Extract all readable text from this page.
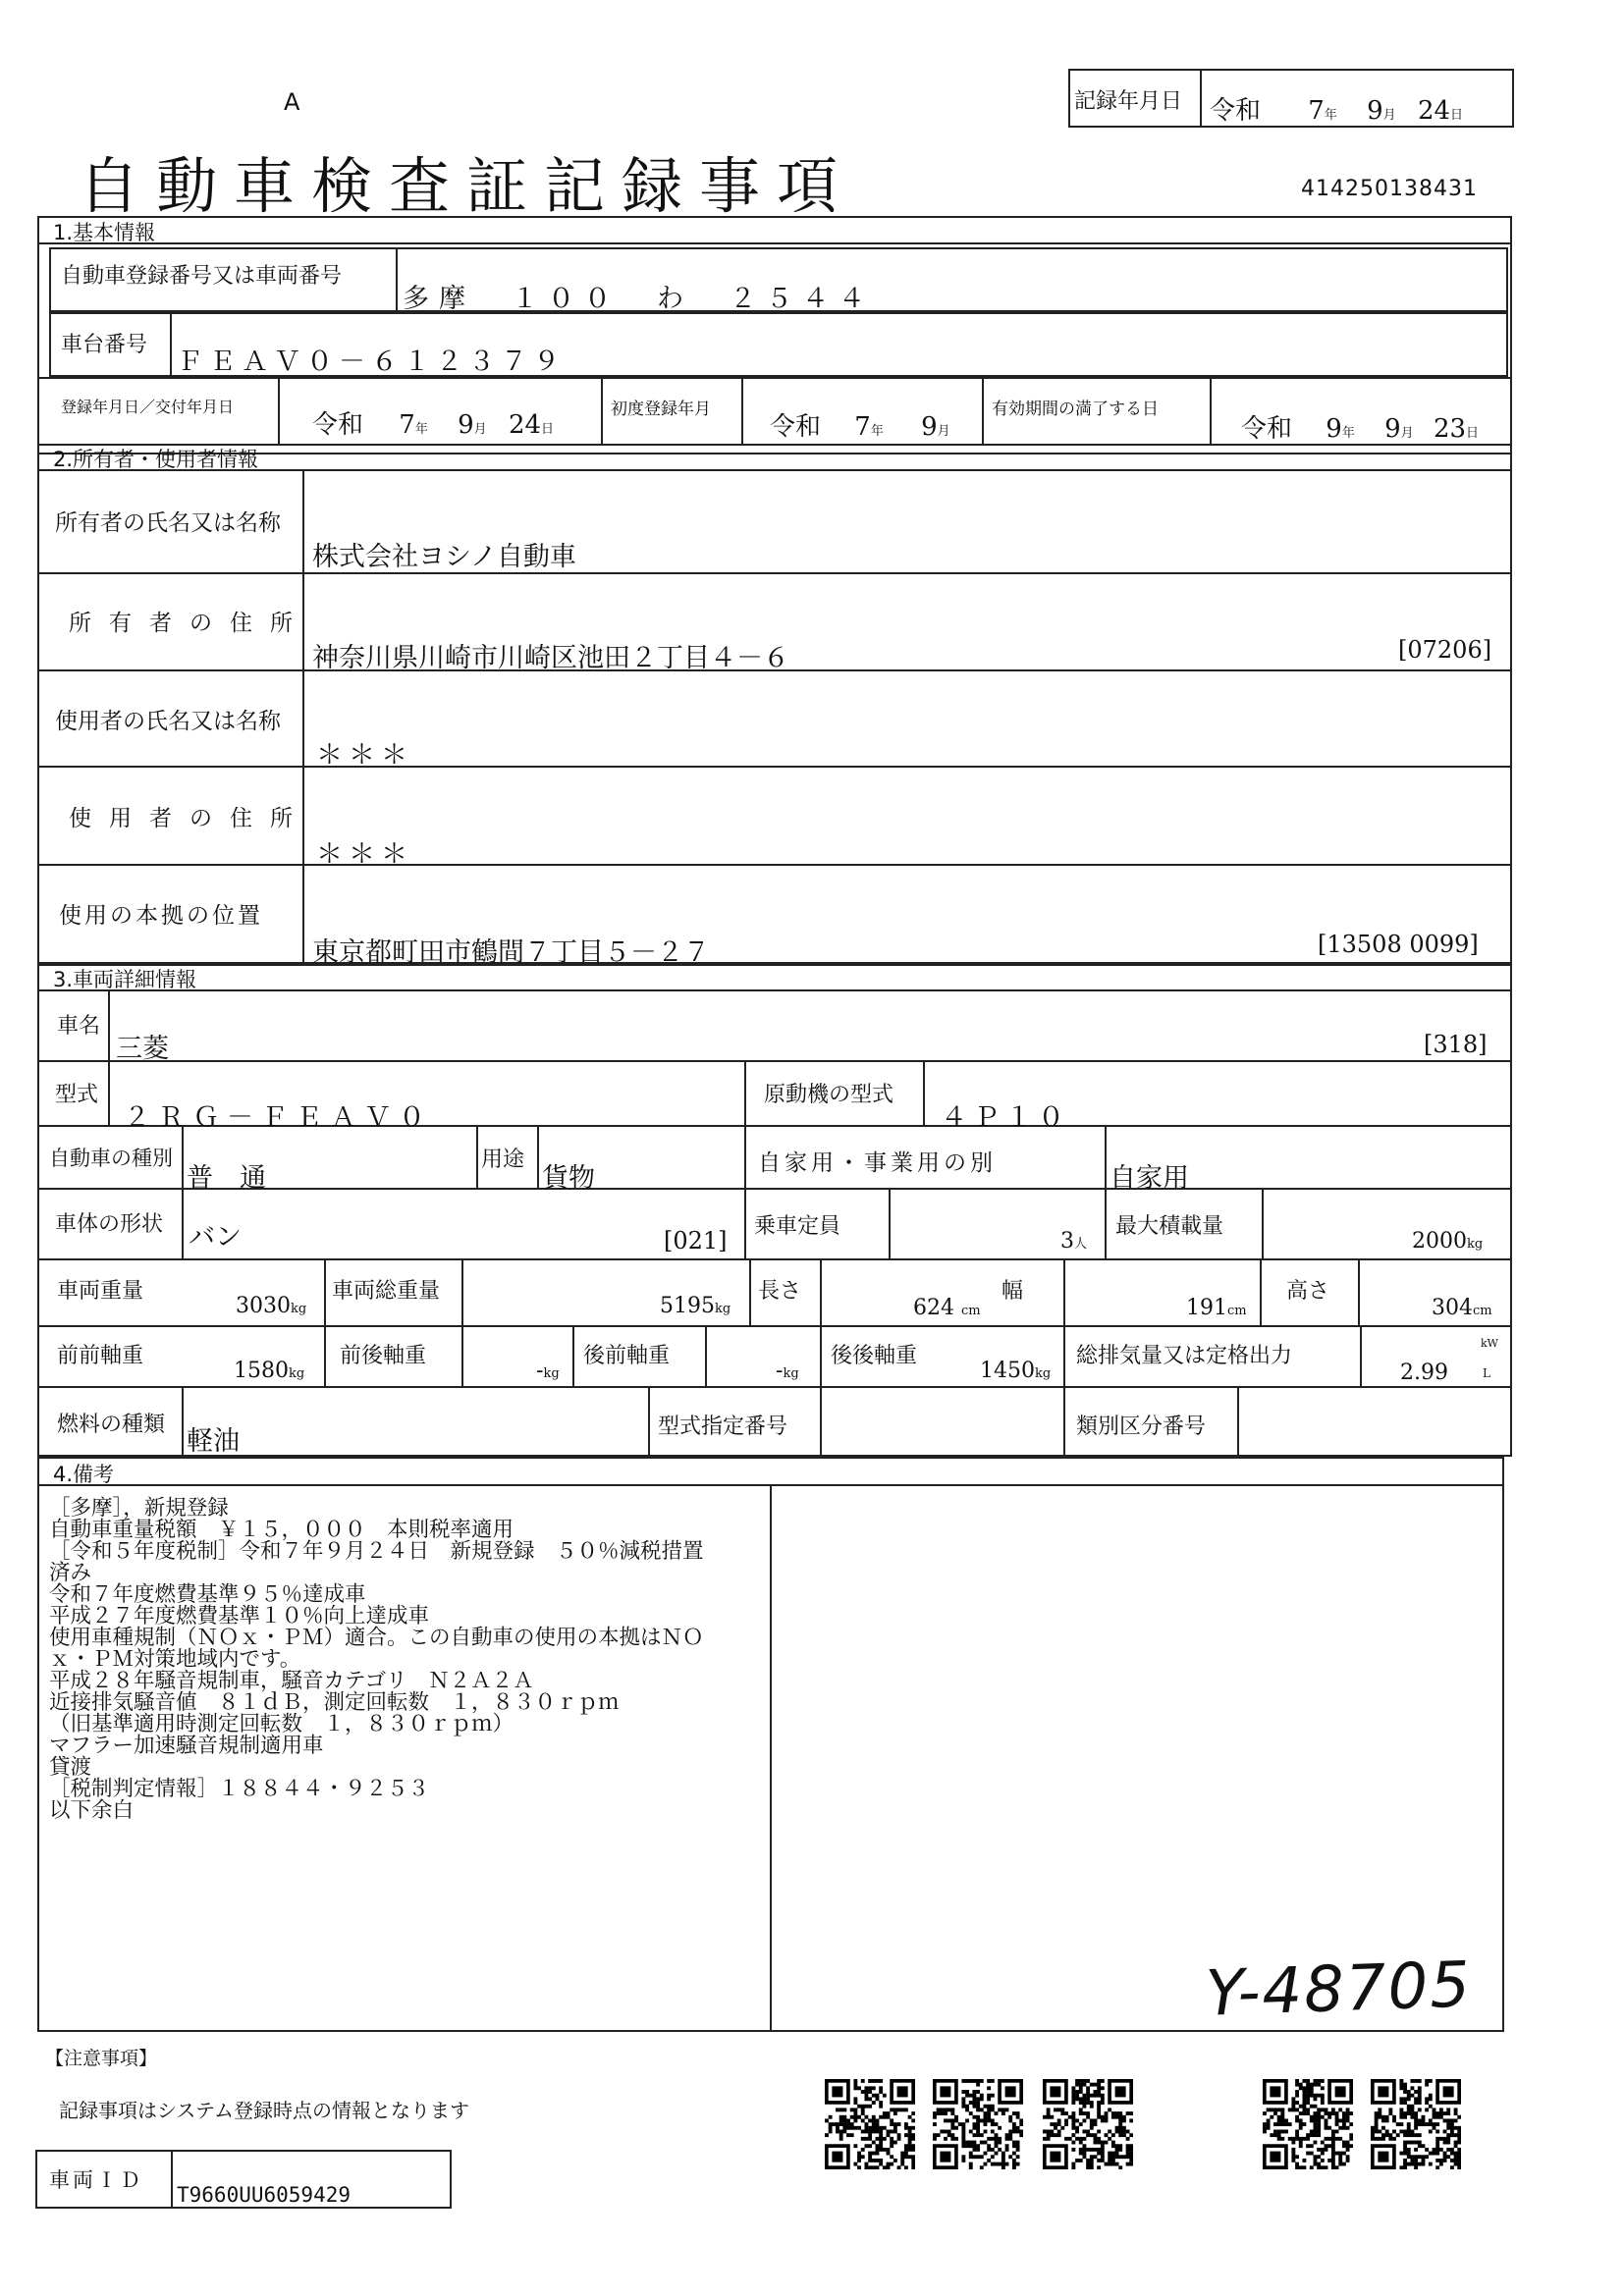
A
自動車検査証記録事項	414250138431
記録年月日 令和 7年 9月 24日
1.基本情報
自動車登録番号又は車両番号
多摩　１００　わ　２５４４
車台番号
ＦＥＡＶ０－６１２３７９
登録年月日／交付年月日
令和 7年 9月 24日
初度登録年月
令和 7年 9月
有効期間の満了する日
令和 9年 9月 23日
2.所有者・使用者情報
所有者の氏名又は名称
株式会社ヨシノ自動車
所有者の住所
神奈川県川崎市川崎区池田２丁目４－６	[07206]
使用者の氏名又は名称
＊＊＊
使用者の住所
＊＊＊
使用の本拠の位置
東京都町田市鶴間７丁目５－２７	[13508 0099]
3.車両詳細情報
車名
三菱	[318]
型式
２ＲＧ－ＦＥＡＶ０
原動機の型式
４Ｐ１０
自動車の種別
普　通
用途
貨物	自家用・事業用の別	自家用
車体の形状 バン	[021]
乗車定員
3人
最大積載量
2000kg
車両重量
3030kg
車両総重量
5195kg
長さ
624 cm
幅
191cm
高さ
304cm
前前軸重
1580kg
前後軸重
-kg
後前軸重
-kg
後後軸重
1450kg
総排気量又は定格出力
2.99
kW
L
燃料の種類
軽油	型式指定番号	類別区分番号
4.備考
［多摩］，新規登録
自動車重量税額　￥１５，０００　本則税率適用
［令和５年度税制］令和７年９月２４日　新規登録　５０％減税措置
済み
令和７年度燃費基準９５％達成車
平成２７年度燃費基準１０％向上達成車
使用車種規制（ＮＯｘ・ＰＭ）適合。この自動車の使用の本拠はＮＯ
ｘ・ＰＭ対策地域内です。
平成２８年騒音規制車，騒音カテゴリ　Ｎ２Ａ２Ａ
近接排気騒音値　８１ｄＢ，測定回転数　１，８３０ｒｐｍ
（旧基準適用時測定回転数　１，８３０ｒｐｍ）
マフラー加速騒音規制適用車
貸渡
［税制判定情報］１８８４４・９２５３
以下余白
Y-48705
【注意事項】
記録事項はシステム登録時点の情報となります
車両ＩＤ
T9660UU6059429
